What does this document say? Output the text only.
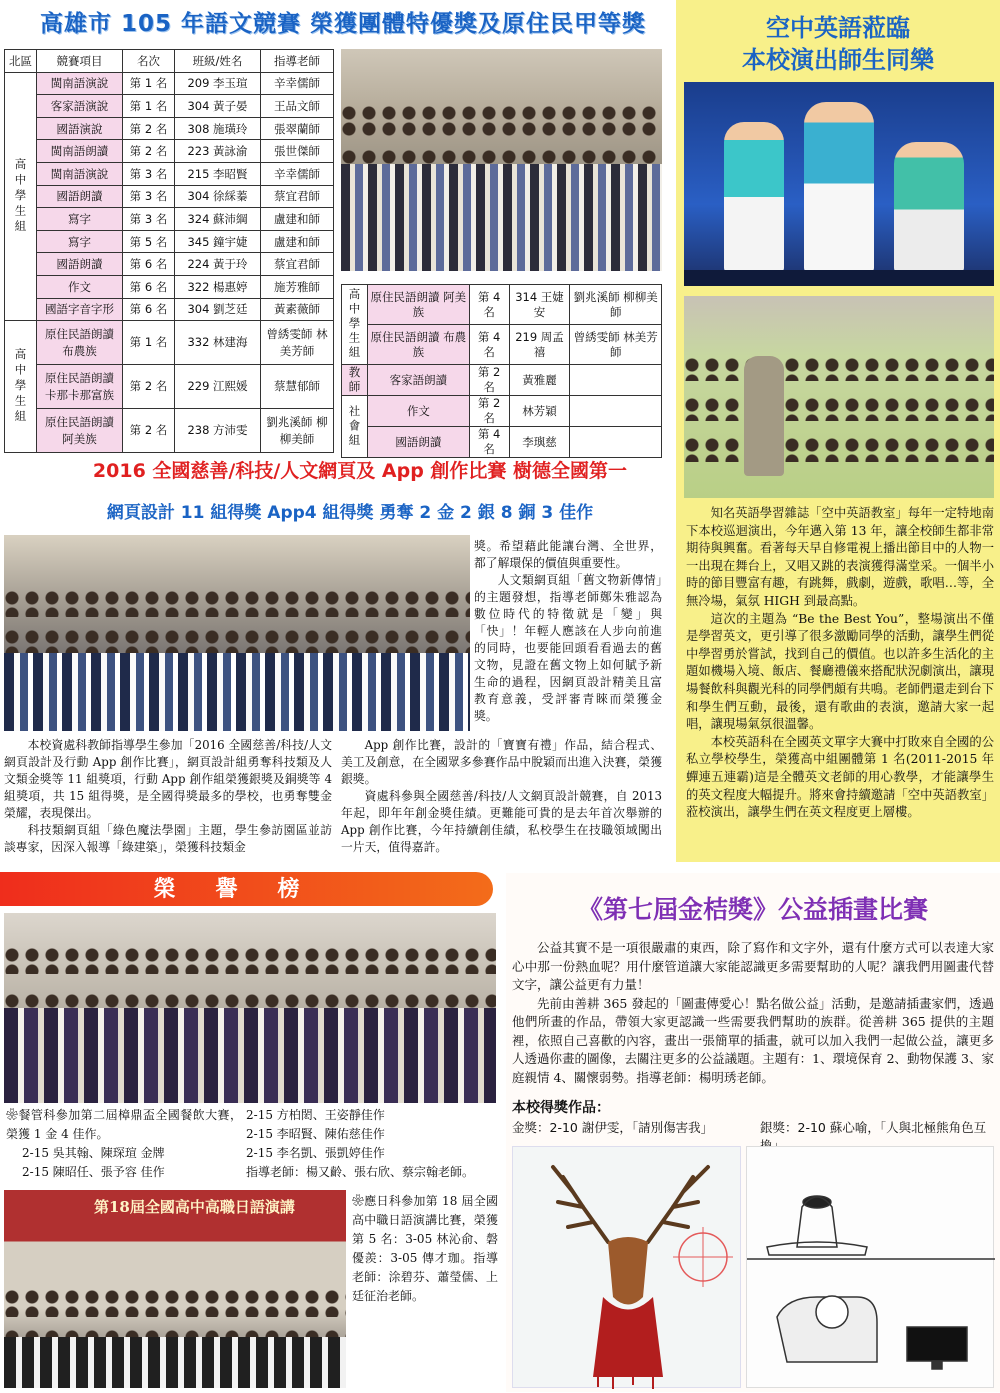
高雄市 105 年語文競賽 榮獲團體特優獎及原住民甲等獎
北區	競賽項目	名次	班級/姓名	指導老師
高中學生組	閩南語演說	第 1 名	209 李玉瑄	辛幸儒師
	客家語演說	第 1 名	304 黃子晏	王品文師
	國語演說	第 2 名	308 施璜玲	張翠蘭師
	閩南語朗讀	第 2 名	223 黃詠渝	張世傑師
	閩南語演說	第 3 名	215 李昭賢	辛幸儒師
	國語朗讀	第 3 名	304 徐綵蓁	蔡宜君師
	寫字	第 3 名	324 蘇沛綱	盧建和師
	寫字	第 5 名	345 鐘宇婕	盧建和師
	國語朗讀	第 6 名	224 黃于玲	蔡宜君師
	作文	第 6 名	322 楊惠婷	施芳雅師
	國語字音字形	第 6 名	304 劉芝廷	黃素薇師
高中學生組	原住民語朗讀 布農族	第 1 名	332 林建海	曾綉雯師 林美芳師
	原住民語朗讀 卡那卡那富族	第 2 名	229 江熙媛	蔡慧郁師
	原住民語朗讀 阿美族	第 2 名	238 方沛雯	劉兆溪師 柳柳美師
高中學生組	原住民語朗讀 阿美族	第 4 名	314 王婕安	劉兆溪師 柳柳美師
	原住民語朗讀 布農族	第 4 名	219 周孟禧	曾綉雯師 林美芳師
教師	客家語朗讀	第 2 名	黃雅麗	
社會組	作文	第 2 名	林芳穎	
	國語朗讀	第 4 名	李璵慈	
2016 全國慈善/科技/人文網頁及 App 創作比賽 樹德全國第一
網頁設計 11 組得獎 App4 組得獎 勇奪 2 金 2 銀 8 銅 3 佳作

獎。希望藉此能讓台灣、全世界，都了解環保的價值與重要性。

人文類網頁組「舊文物新傳情」的主題發想，指導老師鄭朱雅認為數位時代的特徵就是「變」與「快」！年輕人應該在人步向前進的同時，也要能回頭看看過去的舊文物，見證在舊文物上如何賦予新生命的過程，因網頁設計精美且富教育意義，受評審青睞而榮獲金獎。

本校資處科教師指導學生參加「2016 全國慈善/科技/人文網頁設計及行動 App 創作比賽」，網頁設計組勇奪科技類及人文類金獎等 11 組獎項，行動 App 創作組榮獲銀獎及銅獎等 4 組獎項，共 15 組得獎，是全國得獎最多的學校，也勇奪雙金榮耀，表現傑出。

科技類網頁組「綠色魔法學園」主題，學生參訪園區並訪談專家，因深入報導「綠建築」，榮獲科技類金

App 創作比賽，設計的「寶寶有禮」作品，結合程式、美工及創意，在全國眾多參賽作品中脫穎而出進入決賽，榮獲銀獎。

資處科參與全國慈善/科技/人文網頁設計競賽，自 2013 年起，即年年創金獎佳績。更難能可貴的是去年首次舉辦的 App 創作比賽，今年持續創佳績，私校學生在技職領域闖出一片天，值得嘉許。

空中英語蒞臨
本校演出師生同樂

知名英語學習雜誌「空中英語教室」每年一定特地南下本校巡迴演出，今年邁入第 13 年，讓全校師生都非常期待與興奮。看著每天早自修電視上播出節目中的人物一一出現在舞台上，又唱又跳的表演獲得滿堂采。一個半小時的節目豐富有趣，有跳舞，戲劇，遊戲，歌唱…等，全無冷場，氣氛 HIGH 到最高點。

這次的主題為 “Be the Best You”，整場演出不僅是學習英文，更引導了很多激勵同學的活動，讓學生們從中學習勇於嘗試，找到自己的價值。也以許多生活化的主題如機場入境、飯店、餐廳禮儀來搭配狀況劇演出，讓現場餐飲科與觀光科的同學們頗有共鳴。老師們還走到台下和學生們互動，最後，還有歌曲的表演，邀請大家一起唱，讓現場氣氛很溫馨。

本校英語科在全國英文單字大賽中打敗來自全國的公私立學校學生，榮獲高中組團體第 1 名(2011-2015 年蟬連五連霸)這是全體英文老師的用心教學，才能讓學生的英文程度大幅提升。將來會持續邀請「空中英語教室」蒞校演出，讓學生們在英文程度更上層樓。

榮譽榜
❀餐管科參加第二屆樟鼎盃全國餐飲大賽，榮獲 1 金 4 佳作。
2-15 吳其翰、陳琛瑄 金牌
2-15 陳昭任、張予容 佳作
2-15 方柏閎、王姿靜佳作
2-15 李昭賢、陳佑慈佳作
2-15 李名凱、張凱婷佳作
指導老師：楊又齡、張右欣、蔡宗翰老師。
第18屆全國高中高職日語演講	❀應日科參加第 18 屆全國高中職日語演講比賽，榮獲第 5 名：3-05 林沁俞、磐優羨：3-05 傳才珈。指導老師：涂碧芬、蕭瑩儒、上廷征治老師。
《第七屆金桔獎》公益插畫比賽

公益其實不是一項很嚴肅的東西，除了寫作和文字外，還有什麼方式可以表達大家心中那一份熱血呢？用什麼管道讓大家能認識更多需要幫助的人呢？讓我們用圖畫代替文字，讓公益更有力量！

先前由善耕 365 發起的「圖畫傳愛心！點名做公益」活動，是邀請插畫家們，透過他們所畫的作品，帶領大家更認識一些需要我們幫助的族群。從善耕 365 提供的主題裡，依照自己喜歡的內容，畫出一張簡單的插畫，就可以加入我們一起做公益，讓更多人透過你畫的圖像，去關注更多的公益議題。主題有：1、環境保育 2、動物保護 3、家庭親情 4、關懷弱勢。指導老師：楊明琇老師。

本校得獎作品：
金獎：2-10 謝伊雯，「請別傷害我」	銀獎：2-10 蘇心喻，「人與北極熊角色互
